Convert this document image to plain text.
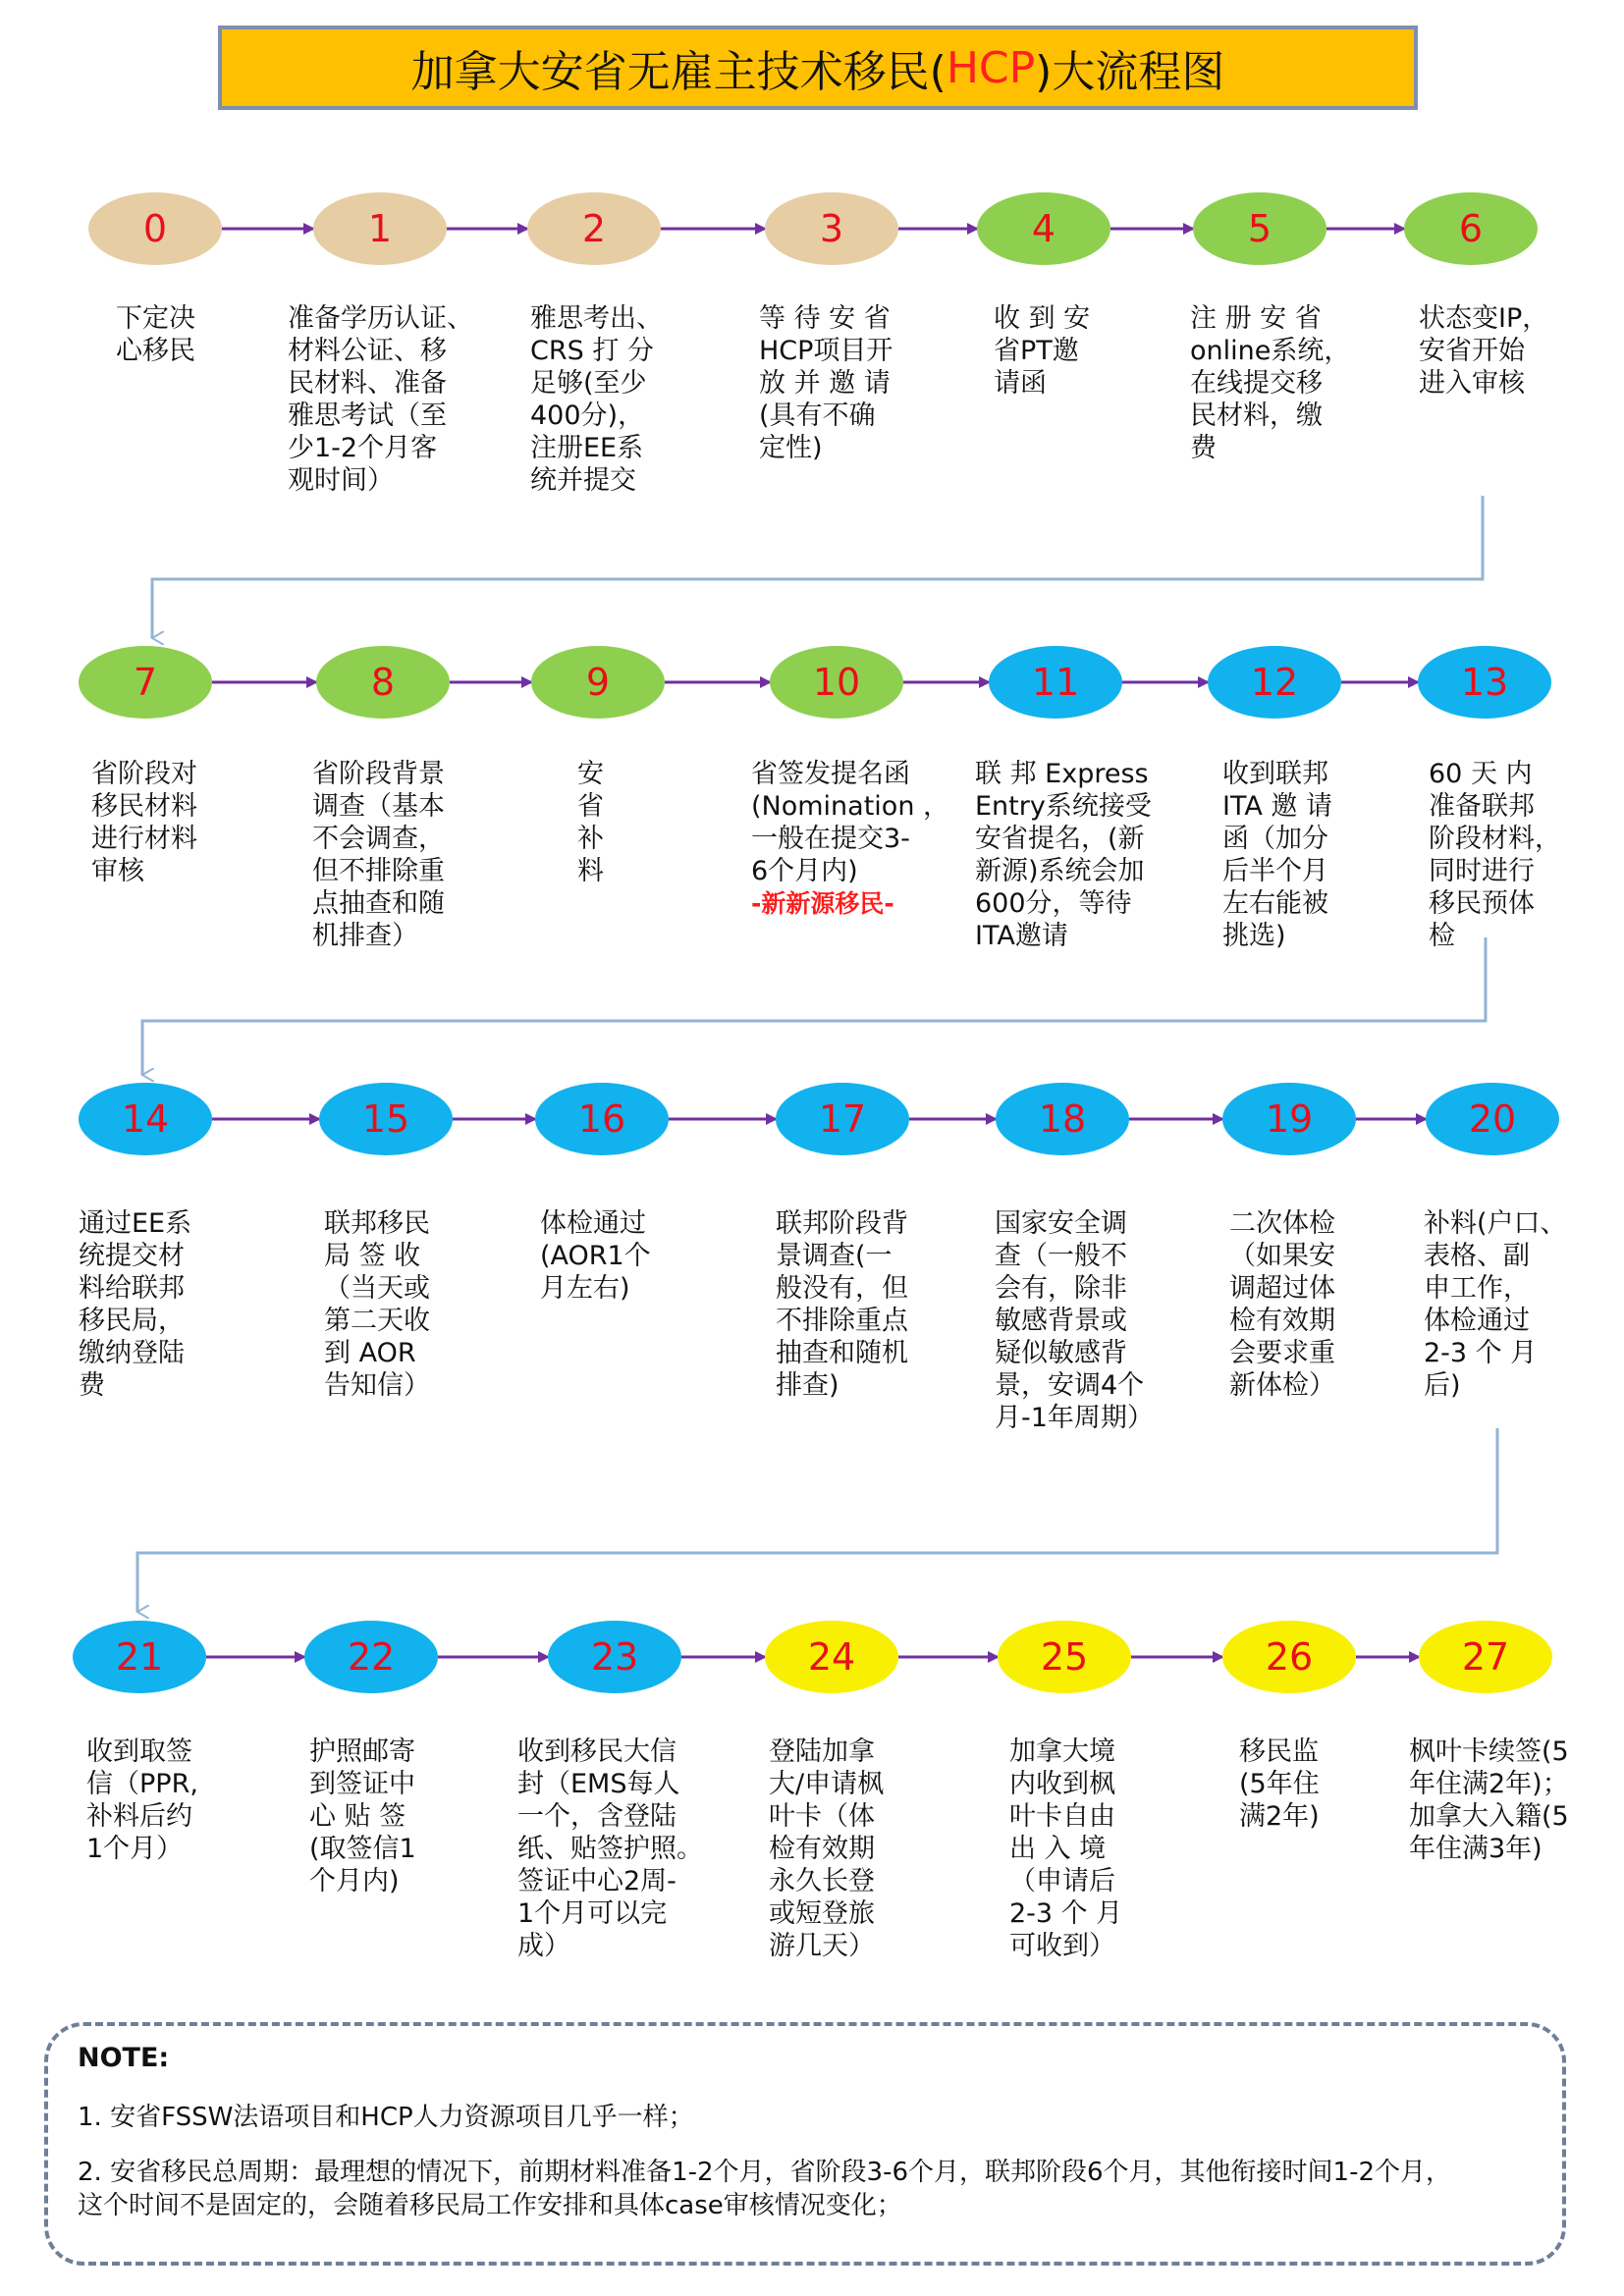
加拿大安省无雇主技术移民( HCP )大流程图
0	1	2	3	4	5	6
7	8	9	10	11	12	13
14	15	16	17	18	19	20
21	22	23	24	25	26	27
下定决
心移民
准备学历认证、
材料公证、移
民材料、准备
雅思考试（至
少1-2个月客
观时间）
雅思考出、
CRS 打 分
足够(至少
400分)，
注册EE系
统并提交
等 待 安 省
HCP项目开
放 并 邀 请
(具有不确
定性)
收 到 安
省PT邀
请函
注 册 安 省
online系统，
在线提交移
民材料，缴
费
状态变IP，
安省开始
进入审核
省阶段对
移民材料
进行材料
审核
省阶段背景
调查（基本
不会调查，
但不排除重
点抽查和随
机排查）
安
省
补
料
省签发提名函
(Nomination ，
一般在提交3-
6个月内)
-新新源移民-
联 邦 Express
Entry系统接受
安省提名，(新
新源)系统会加
600分，等待
ITA邀请
收到联邦
ITA 邀 请
函（加分
后半个月
左右能被
挑选)
60 天 内
准备联邦
阶段材料，
同时进行
移民预体
检
通过EE系
统提交材
料给联邦
移民局，
缴纳登陆
费
联邦移民
局 签 收
（当天或
第二天收
到 AOR
告知信）
体检通过
(AOR1个
月左右)
联邦阶段背
景调查(一
般没有，但
不排除重点
抽查和随机
排查)
国家安全调
查（一般不
会有，除非
敏感背景或
疑似敏感背
景，安调4个
月-1年周期）
二次体检
（如果安
调超过体
检有效期
会要求重
新体检）
补料(户口、
表格、副
申工作，
体检通过
2-3 个 月
后)
收到取签
信（PPR,
补料后约
1个月）
护照邮寄
到签证中
心 贴 签
(取签信1
个月内)
收到移民大信
封（EMS每人
一个，含登陆
纸、贴签护照。
签证中心2周-
1个月可以完
成）
登陆加拿
大/申请枫
叶卡（体
检有效期
永久长登
或短登旅
游几天）
加拿大境
内收到枫
叶卡自由
出 入 境
（申请后
2-3 个 月
可收到）
移民监
(5年住
满2年)
枫叶卡续签(5
年住满2年)；
加拿大入籍(5
年住满3年)
NOTE:
1. 安省FSSW法语项目和HCP人力资源项目几乎一样；
2. 安省移民总周期：最理想的情况下，前期材料准备1-2个月，省阶段3-6个月，联邦阶段6个月，其他衔接时间1-2个月，
这个时间不是固定的，会随着移民局工作安排和具体case审核情况变化；
